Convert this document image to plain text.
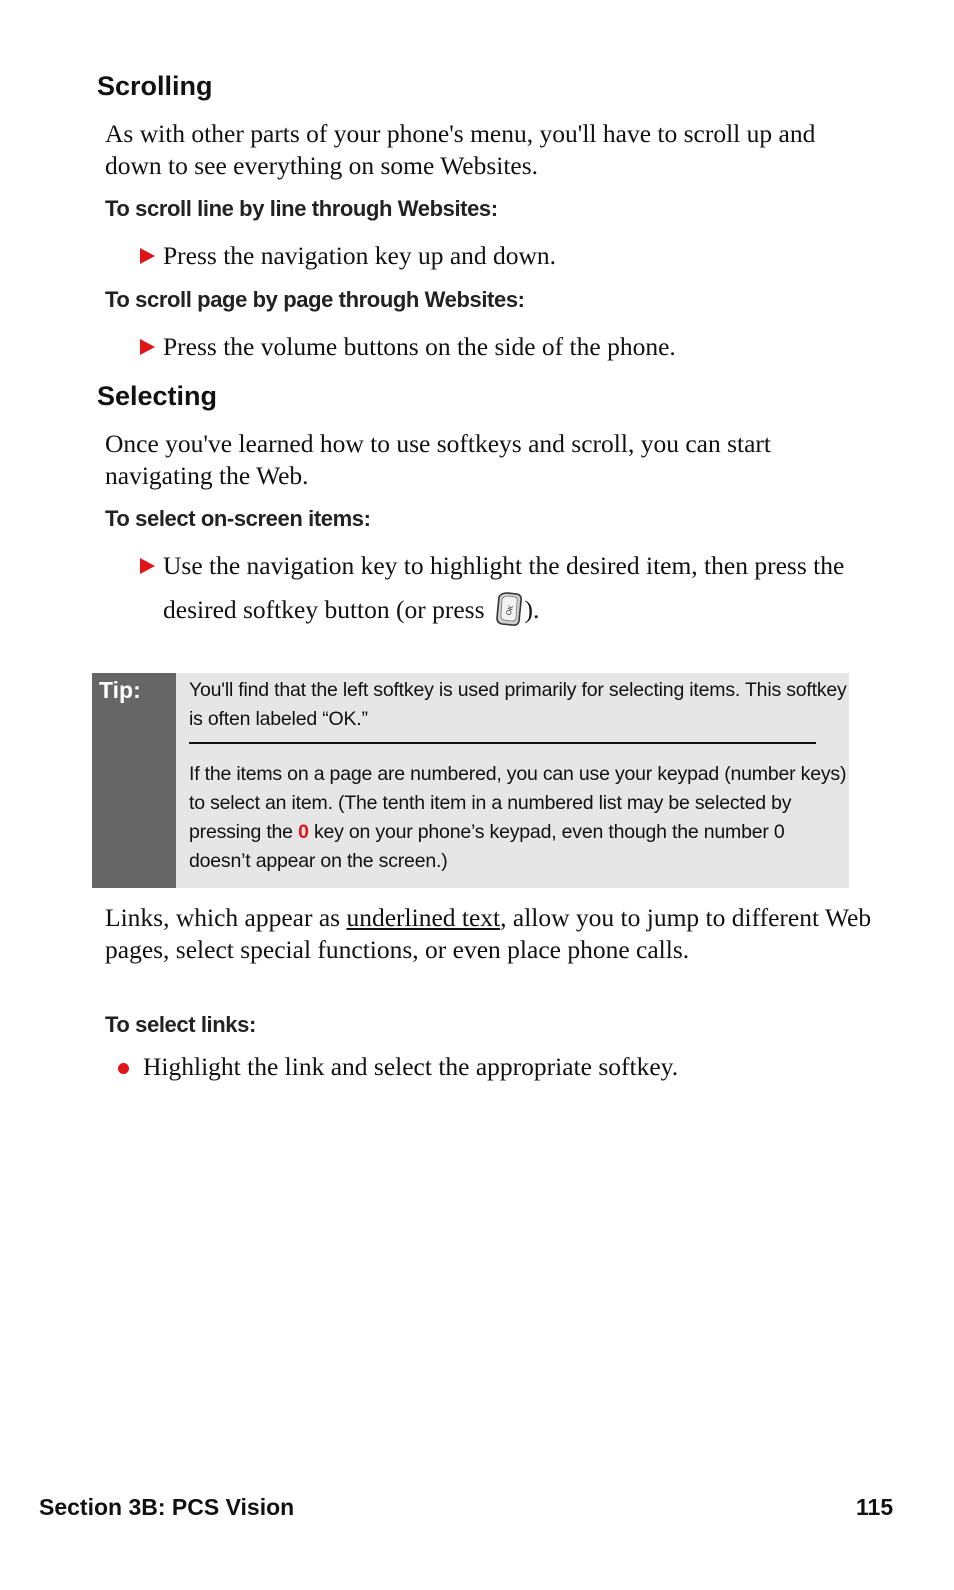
Scrolling

As with other parts of your phone's menu, you'll have to scroll up and down to see everything on some Websites.

To scroll line by line through Websites:
Press the navigation key up and down.
To scroll page by page through Websites:
Press the volume buttons on the side of the phone.
Selecting

Once you've learned how to use softkeys and scroll, you can start navigating the Web.

To select on-screen items:
Use the navigation key to highlight the desired item, then press the desired softkey button (or press	OK ).
Tip: You'll find that the left softkey is used primarily for selecting items. This softkey is often labeled “OK.”
If the items on a page are numbered, you can use your keypad (number keys) to select an item. (The tenth item in a numbered list may be selected by pressing the 0 key on your phone’s keypad, even though the number 0 doesn’t appear on the screen.)

Links, which appear as underlined text, allow you to jump to different Web pages, select special functions, or even place phone calls.

To select links:
Highlight the link and select the appropriate softkey.
Section 3B: PCS Vision	115
